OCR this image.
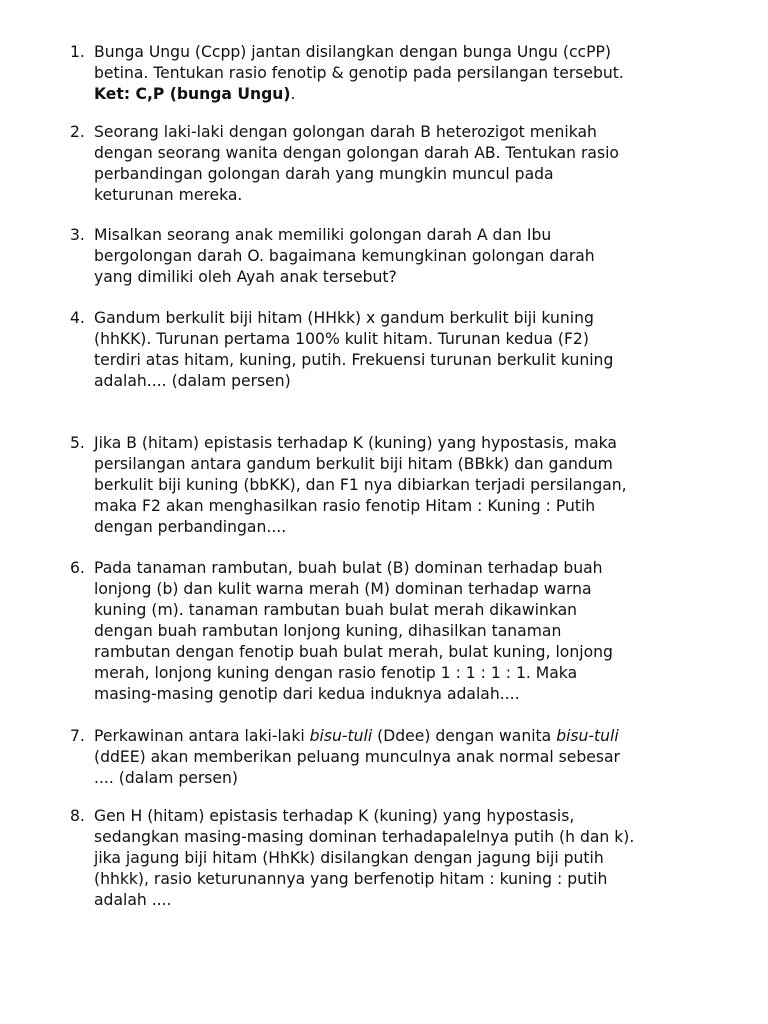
1. Bunga Ungu (Ccpp) jantan disilangkan dengan bunga Ungu (ccPP)
betina. Tentukan rasio fenotip & genotip pada persilangan tersebut.
Ket: C,P (bunga Ungu).
2. Seorang laki-laki dengan golongan darah B heterozigot menikah
dengan seorang wanita dengan golongan darah AB. Tentukan rasio
perbandingan golongan darah yang mungkin muncul pada
keturunan mereka.
3. Misalkan seorang anak memiliki golongan darah A dan Ibu
bergolongan darah O. bagaimana kemungkinan golongan darah
yang dimiliki oleh Ayah anak tersebut?
4. Gandum berkulit biji hitam (HHkk) x gandum berkulit biji kuning
(hhKK). Turunan pertama 100% kulit hitam. Turunan kedua (F2)
terdiri atas hitam, kuning, putih. Frekuensi turunan berkulit kuning
adalah.... (dalam persen)
5. Jika B (hitam) epistasis terhadap K (kuning) yang hypostasis, maka
persilangan antara gandum berkulit biji hitam (BBkk) dan gandum
berkulit biji kuning (bbKK), dan F1 nya dibiarkan terjadi persilangan,
maka F2 akan menghasilkan rasio fenotip Hitam : Kuning : Putih
dengan perbandingan....
6. Pada tanaman rambutan, buah bulat (B) dominan terhadap buah
lonjong (b) dan kulit warna merah (M) dominan terhadap warna
kuning (m). tanaman rambutan buah bulat merah dikawinkan
dengan buah rambutan lonjong kuning, dihasilkan tanaman
rambutan dengan fenotip buah bulat merah, bulat kuning, lonjong
merah, lonjong kuning dengan rasio fenotip 1 : 1 : 1 : 1. Maka
masing-masing genotip dari kedua induknya adalah....
7. Perkawinan antara laki-laki bisu-tuli (Ddee) dengan wanita bisu-tuli
(ddEE) akan memberikan peluang munculnya anak normal sebesar
.... (dalam persen)
8. Gen H (hitam) epistasis terhadap K (kuning) yang hypostasis,
sedangkan masing-masing dominan terhadapalelnya putih (h dan k).
jika jagung biji hitam (HhKk) disilangkan dengan jagung biji putih
(hhkk), rasio keturunannya yang berfenotip hitam : kuning : putih
adalah ....
